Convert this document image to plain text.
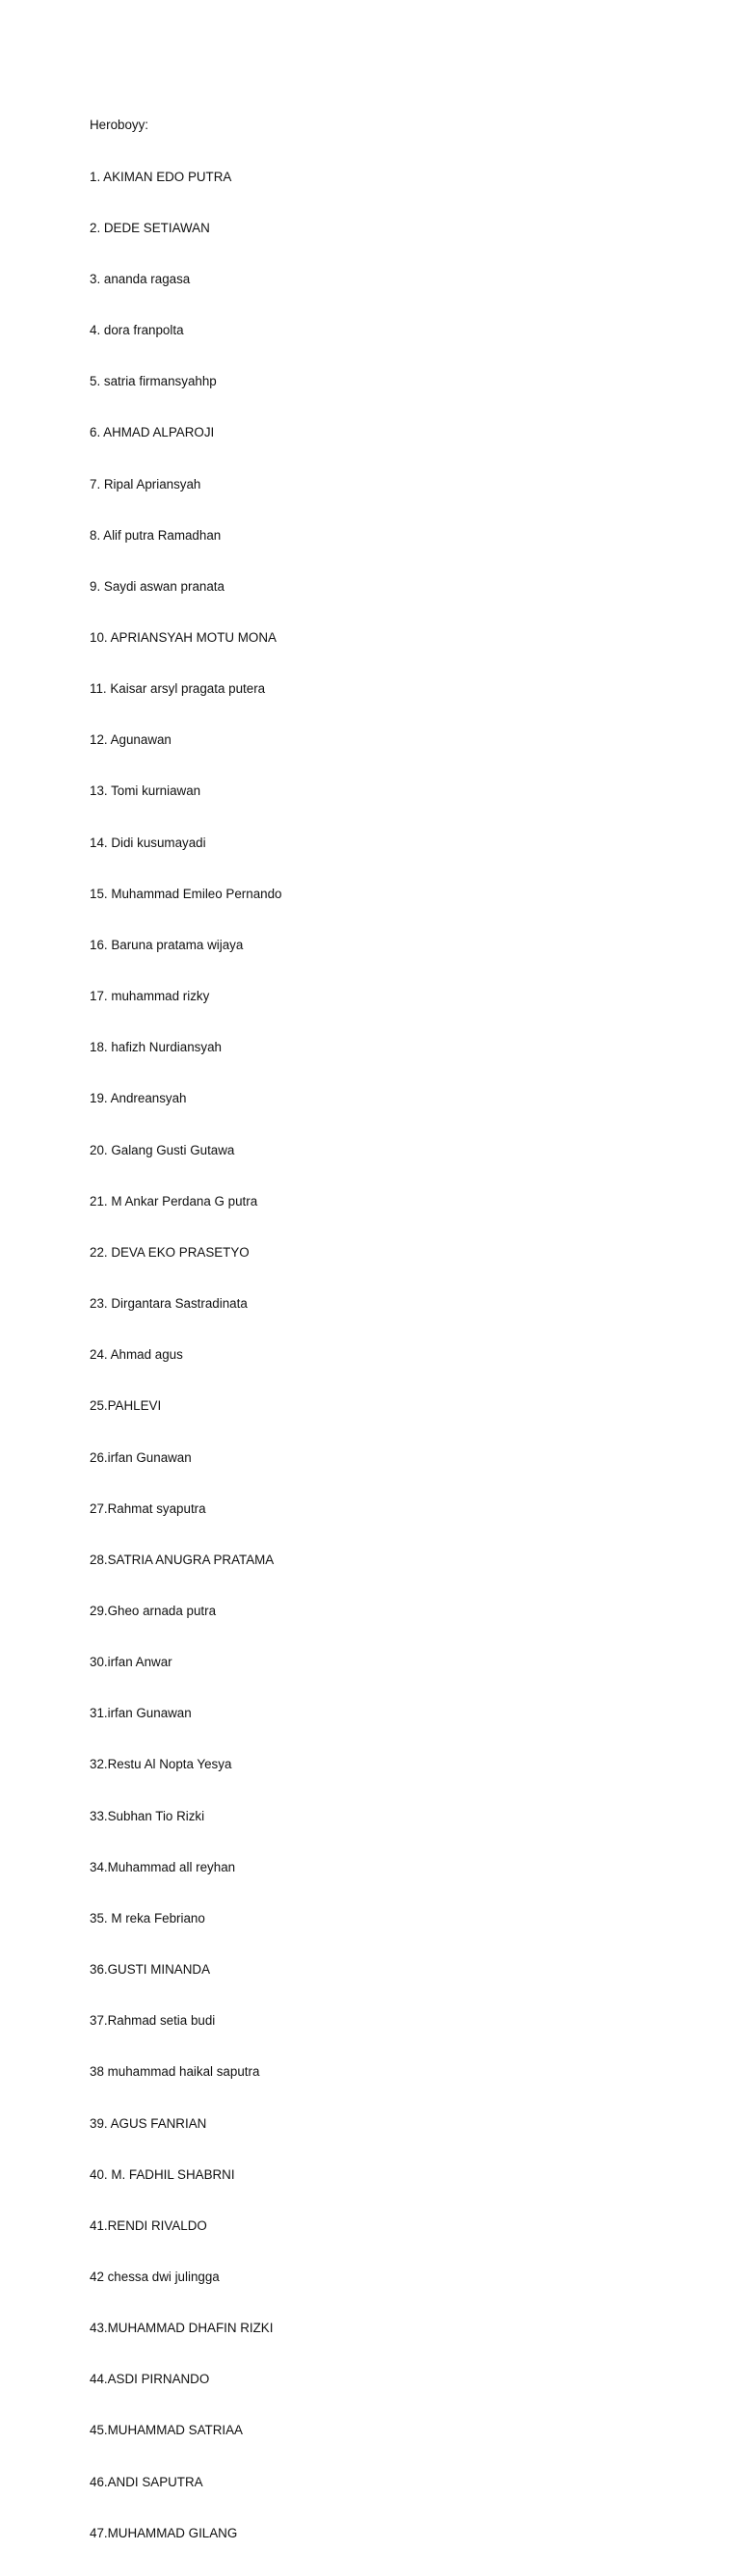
Heroboyy:

1. AKIMAN EDO PUTRA

2. DEDE SETIAWAN

3. ananda ragasa

4. dora franpolta

5. satria firmansyahhp

6. AHMAD ALPAROJI

7. Ripal Apriansyah

8. Alif putra Ramadhan

9. Saydi aswan pranata

10. APRIANSYAH MOTU MONA

11. Kaisar arsyl pragata putera

12. Agunawan

13. Tomi kurniawan

14. Didi kusumayadi

15. Muhammad Emileo Pernando

16. Baruna pratama wijaya

17. muhammad rizky

18. hafizh Nurdiansyah

19. Andreansyah

20. Galang Gusti Gutawa

21. M Ankar Perdana G putra

22. DEVA EKO PRASETYO

23. Dirgantara Sastradinata

24. Ahmad agus

25.PAHLEVI

26.irfan Gunawan

27.Rahmat syaputra

28.SATRIA ANUGRA PRATAMA

29.Gheo arnada putra

30.irfan Anwar

31.irfan Gunawan

32.Restu Al Nopta Yesya

33.Subhan Tio Rizki

34.Muhammad all reyhan

35. M reka Febriano

36.GUSTI MINANDA

37.Rahmad setia budi

38 muhammad haikal saputra

39. AGUS FANRIAN

40. M. FADHIL SHABRNI

41.RENDI RIVALDO

42 chessa dwi julingga

43.MUHAMMAD DHAFIN RIZKI

44.ASDI PIRNANDO

45.MUHAMMAD SATRIAA

46.ANDI SAPUTRA

47.MUHAMMAD GILANG
